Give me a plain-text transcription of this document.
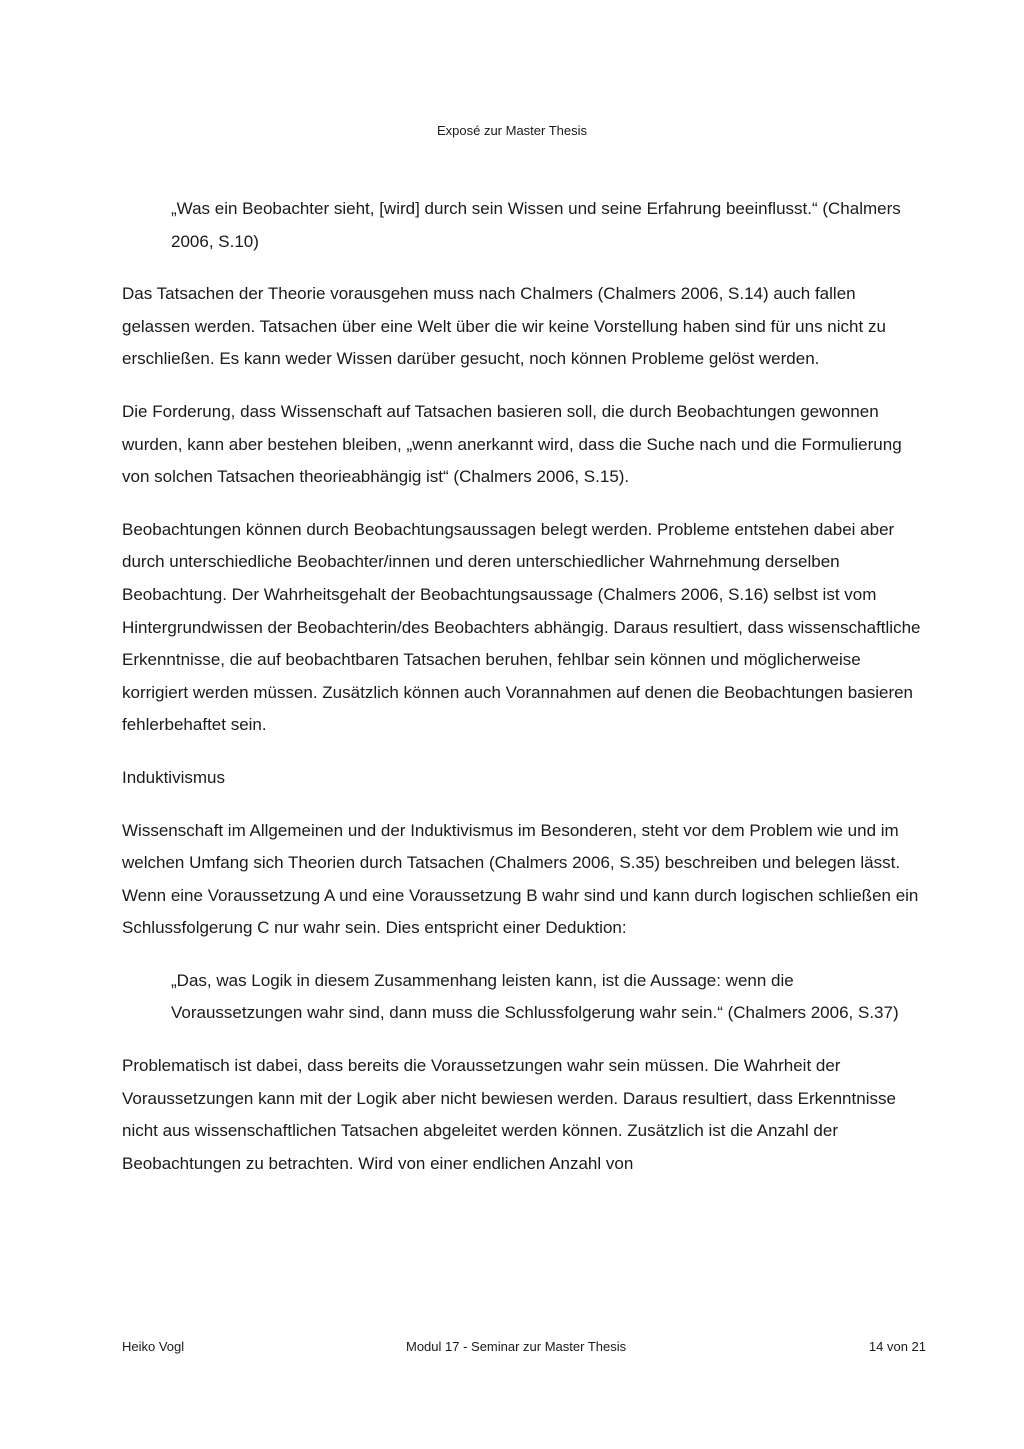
Exposé zur Master Thesis
„Was ein Beobachter sieht, [wird] durch sein Wissen und seine Erfahrung beeinflusst.“ (Chalmers 2006, S.10)

Das Tatsachen der Theorie vorausgehen muss nach Chalmers (Chalmers 2006, S.14) auch fallen gelassen werden. Tatsachen über eine Welt über die wir keine Vorstellung haben sind für uns nicht zu erschließen. Es kann weder Wissen darüber gesucht, noch können Probleme gelöst werden.

Die Forderung, dass Wissenschaft auf Tatsachen basieren soll, die durch Beobachtungen gewonnen wurden, kann aber bestehen bleiben, „wenn anerkannt wird, dass die Suche nach und die Formulierung von solchen Tatsachen theorieabhängig ist“ (Chalmers 2006, S.15).

Beobachtungen können durch Beobachtungsaussagen belegt werden. Probleme entstehen dabei aber durch unterschiedliche Beobachter/innen und deren unterschiedlicher Wahrnehmung derselben Beobachtung. Der Wahrheitsgehalt der Beobachtungsaussage (Chalmers 2006, S.16) selbst ist vom Hintergrundwissen der Beobachterin/des Beobachters abhängig. Daraus resultiert, dass wissenschaftliche Erkenntnisse, die auf beobachtbaren Tatsachen beruhen, fehlbar sein können und möglicherweise korrigiert werden müssen. Zusätzlich können auch Vorannahmen auf denen die Beobachtungen basieren fehlerbehaftet sein.

Induktivismus

Wissenschaft im Allgemeinen und der Induktivismus im Besonderen, steht vor dem Problem wie und im welchen Umfang sich Theorien durch Tatsachen (Chalmers 2006, S.35) beschreiben und belegen lässt. Wenn eine Voraussetzung A und eine Voraussetzung B wahr sind und kann durch logischen schließen ein Schlussfolgerung C nur wahr sein. Dies entspricht einer Deduktion:

„Das, was Logik in diesem Zusammenhang leisten kann, ist die Aussage: wenn die Voraussetzungen wahr sind, dann muss die Schlussfolgerung wahr sein.“ (Chalmers 2006, S.37)

Problematisch ist dabei, dass bereits die Voraussetzungen wahr sein müssen. Die Wahrheit der Voraussetzungen kann mit der Logik aber nicht bewiesen werden. Daraus resultiert, dass Erkenntnisse nicht aus wissenschaftlichen Tatsachen abgeleitet werden können. Zusätzlich ist die Anzahl der Beobachtungen zu betrachten. Wird von einer endlichen Anzahl von

Heiko Vogl	Modul 17 - Seminar zur Master Thesis	14 von 21
